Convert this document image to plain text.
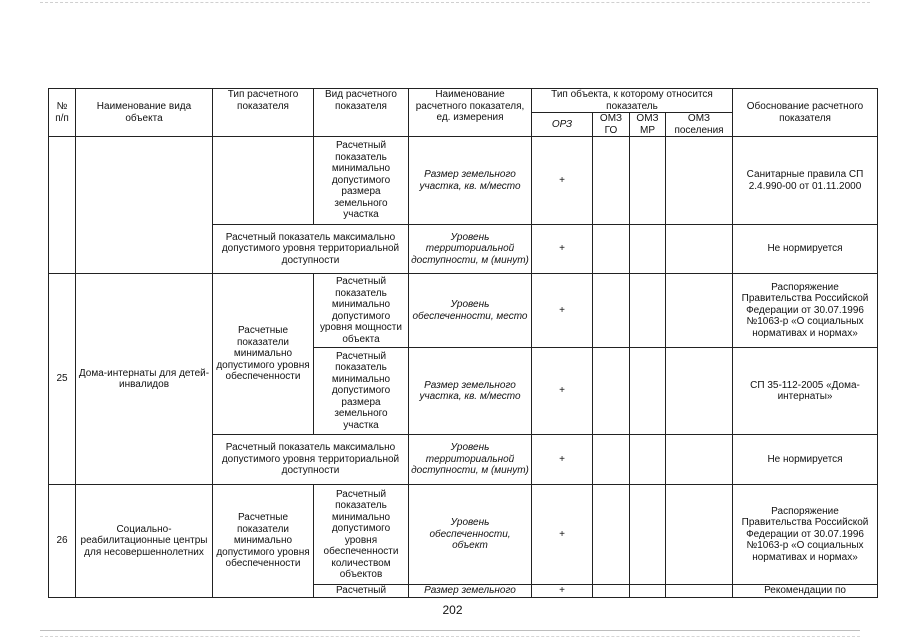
№
п/п	Наименование вида объекта	Тип расчетного показателя	Вид расчетного показателя	Наименование расчетного показателя, ед. измерения	Тип объекта, к которому относится показатель				Обоснование расчетного показателя
					ОРЗ	ОМЗ ГО	ОМЗ МР	ОМЗ поселения	
			Расчетный показатель минимально допустимого размера земельного участка	Размер земельного участка, кв. м/место	+				Санитарные правила СП 2.4.990-00 от 01.11.2000
		Расчетный показатель максимально допустимого уровня территориальной доступности		Уровень территориальной доступности, м (минут)	+				Не нормируется
25	Дома-интернаты для детей-инвалидов	Расчетные показатели минимально допустимого уровня обеспеченности	Расчетный показатель минимально допустимого уровня мощности объекта	Уровень обеспеченности, место	+				Распоряжение Правительства Российской Федерации от 30.07.1996 №1063-р «О социальных нормативах и нормах»
			Расчетный показатель минимально допустимого размера земельного участка	Размер земельного участка, кв. м/место	+				СП 35-112-2005 «Дома-интернаты»
		Расчетный показатель максимально допустимого уровня территориальной доступности		Уровень территориальной доступности, м (минут)	+				Не нормируется
26	Социально-реабилитационные центры для несовершеннолетних	Расчетные показатели минимально допустимого уровня обеспеченности	Расчетный показатель минимально допустимого уровня обеспеченности количеством объектов	Уровень обеспеченности, объект	+				Распоряжение Правительства Российской Федерации от 30.07.1996 №1063-р «О социальных нормативах и нормах»
			Расчетный	Размер земельного	+				Рекомендации по
202
